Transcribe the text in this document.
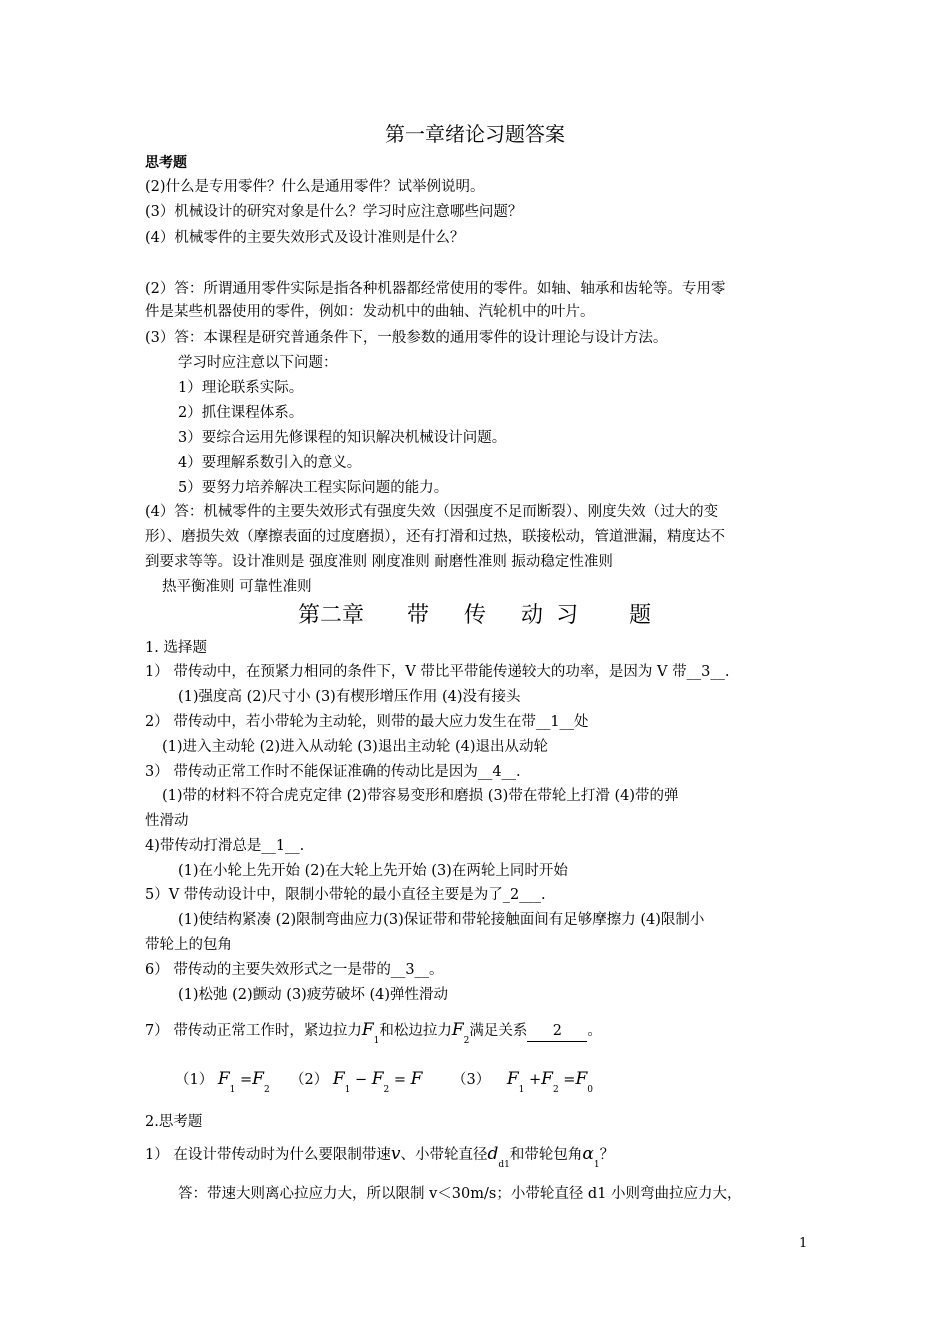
第一章绪论习题答案
思考题
(2)什么是专用零件？什么是通用零件？试举例说明。
(3）机械设计的研究对象是什么？学习时应注意哪些问题？
(4）机械零件的主要失效形式及设计准则是什么？
(2）答：所谓通用零件实际是指各种机器都经常使用的零件。如轴、轴承和齿轮等。专用零
件是某些机器使用的零件，例如：发动机中的曲轴、汽轮机中的叶片。
(3）答：本课程是研究普通条件下，一般参数的通用零件的设计理论与设计方法。
学习时应注意以下问题：
1）理论联系实际。
2）抓住课程体系。
3）要综合运用先修课程的知识解决机械设计问题。
4）要理解系数引入的意义。
5）要努力培养解决工程实际问题的能力。
(4）答：机械零件的主要失效形式有强度失效（因强度不足而断裂）、刚度失效（过大的变
形）、磨损失效（摩擦表面的过度磨损），还有打滑和过热，联接松动，管道泄漏，精度达不
到要求等等。设计准则是 强度准则 刚度准则 耐磨性准则 振动稳定性准则
热平衡准则 可靠性准则
第二章 带 传 动 习 题
1. 选择题
1） 带传动中，在预紧力相同的条件下，V 带比平带能传递较大的功率，是因为 V 带__3__.
(1)强度高 (2)尺寸小 (3)有楔形增压作用 (4)没有接头
2） 带传动中，若小带轮为主动轮，则带的最大应力发生在带__1__处
(1)进入主动轮 (2)进入从动轮 (3)退出主动轮 (4)退出从动轮
3） 带传动正常工作时不能保证准确的传动比是因为__4__.
(1)带的材料不符合虎克定律 (2)带容易变形和磨损 (3)带在带轮上打滑 (4)带的弹
性滑动
4)带传动打滑总是__1__.
(1)在小轮上先开始 (2)在大轮上先开始 (3)在两轮上同时开始
5）V 带传动设计中，限制小带轮的最小直径主要是为了_2___.
(1)使结构紧凑 (2)限制弯曲应力(3)保证带和带轮接触面间有足够摩擦力 (4)限制小
带轮上的包角
6） 带传动的主要失效形式之一是带的__3__。
(1)松弛 (2)颤动 (3)疲劳破坏 (4)弹性滑动
7） 带传动正常工作时，紧边拉力$F_1$和松边拉力$F_2$满足关系 2 。
（1） $F_1 =F_2$
（2） $F_1 - F_2 = F$ （3） $F_1 +F_2 =F_0$
2.思考题
1） 在设计带传动时为什么要限制带速v、小带轮直径$d_{d1}$和带轮包角$\alpha_1$？
答：带速大则离心拉应力大，所以限制 v＜30m/s；小带轮直径 d1 小则弯曲拉应力大，
1
